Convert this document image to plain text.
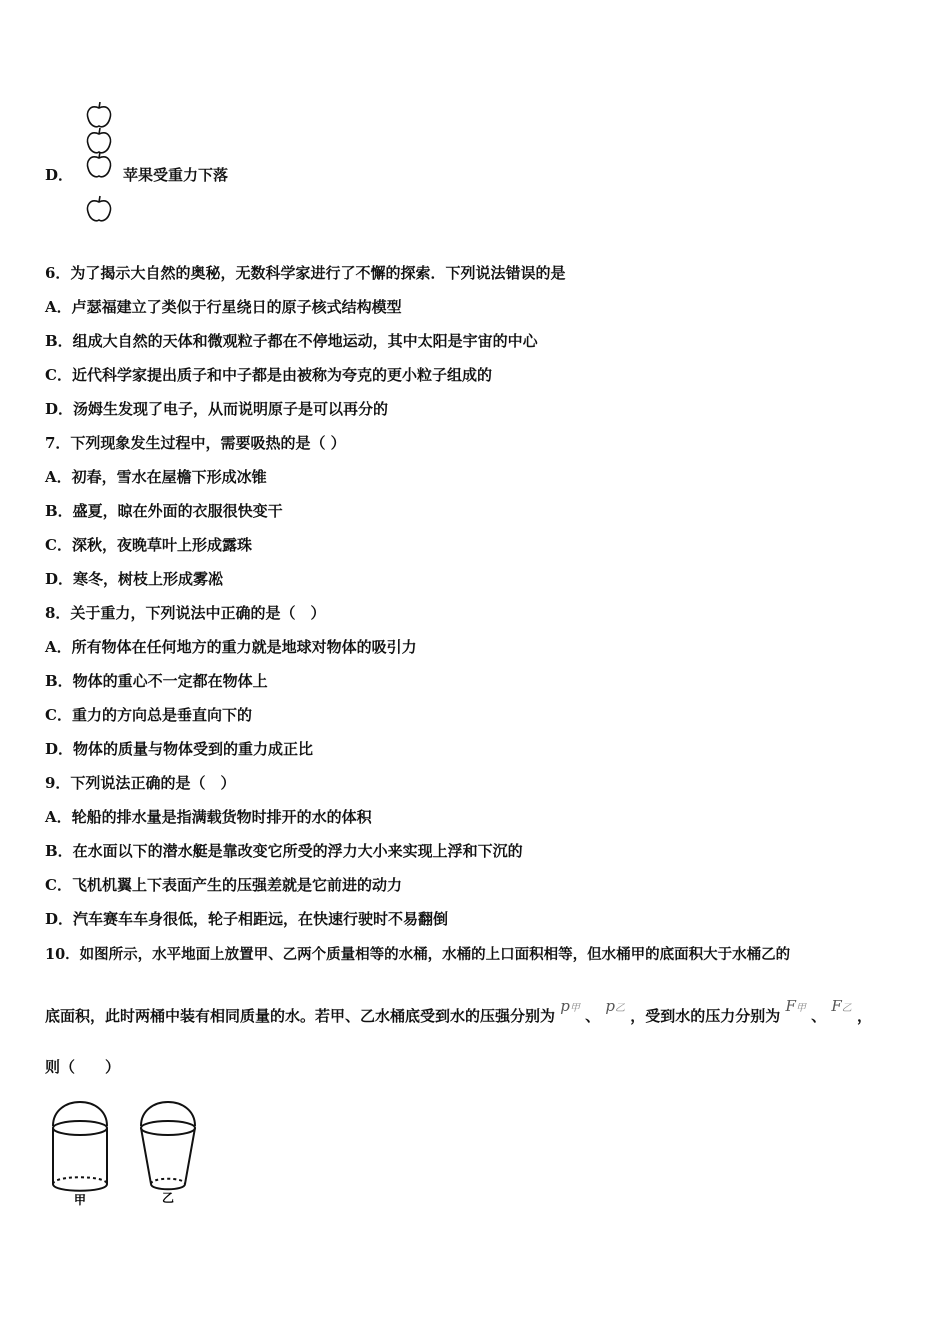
D．	苹果受重力下落
6．为了揭示大自然的奥秘，无数科学家进行了不懈的探索．下列说法错误的是
A．卢瑟福建立了类似于行星绕日的原子核式结构模型
B．组成大自然的天体和微观粒子都在不停地运动，其中太阳是宇宙的中心
C．近代科学家提出质子和中子都是由被称为夸克的更小粒子组成的
D．汤姆生发现了电子，从而说明原子是可以再分的
7．下列现象发生过程中，需要吸热的是（ ）
A．初春，雪水在屋檐下形成冰锥
B．盛夏，晾在外面的衣服很快变干
C．深秋，夜晚草叶上形成露珠
D．寒冬，树枝上形成雾凇
8．关于重力，下列说法中正确的是（　）
A．所有物体在任何地方的重力就是地球对物体的吸引力
B．物体的重心不一定都在物体上
C．重力的方向总是垂直向下的
D．物体的质量与物体受到的重力成正比
9．下列说法正确的是（　）
A．轮船的排水量是指满载货物时排开的水的体积
B．在水面以下的潜水艇是靠改变它所受的浮力大小来实现上浮和下沉的
C．飞机机翼上下表面产生的压强差就是它前进的动力
D．汽车赛车车身很低，轮子相距远，在快速行驶时不易翻倒
10．如图所示，水平地面上放置甲、乙两个质量相等的水桶，水桶的上口面积相等，但水桶甲的底面积大于水桶乙的
底面积，此时两桶中装有相同质量的水。若甲、乙水桶底受到水的压强分别为 p甲 、 p乙 ，受到水的压力分别为 F甲 、 F乙 ，
则（　　）
甲	乙
